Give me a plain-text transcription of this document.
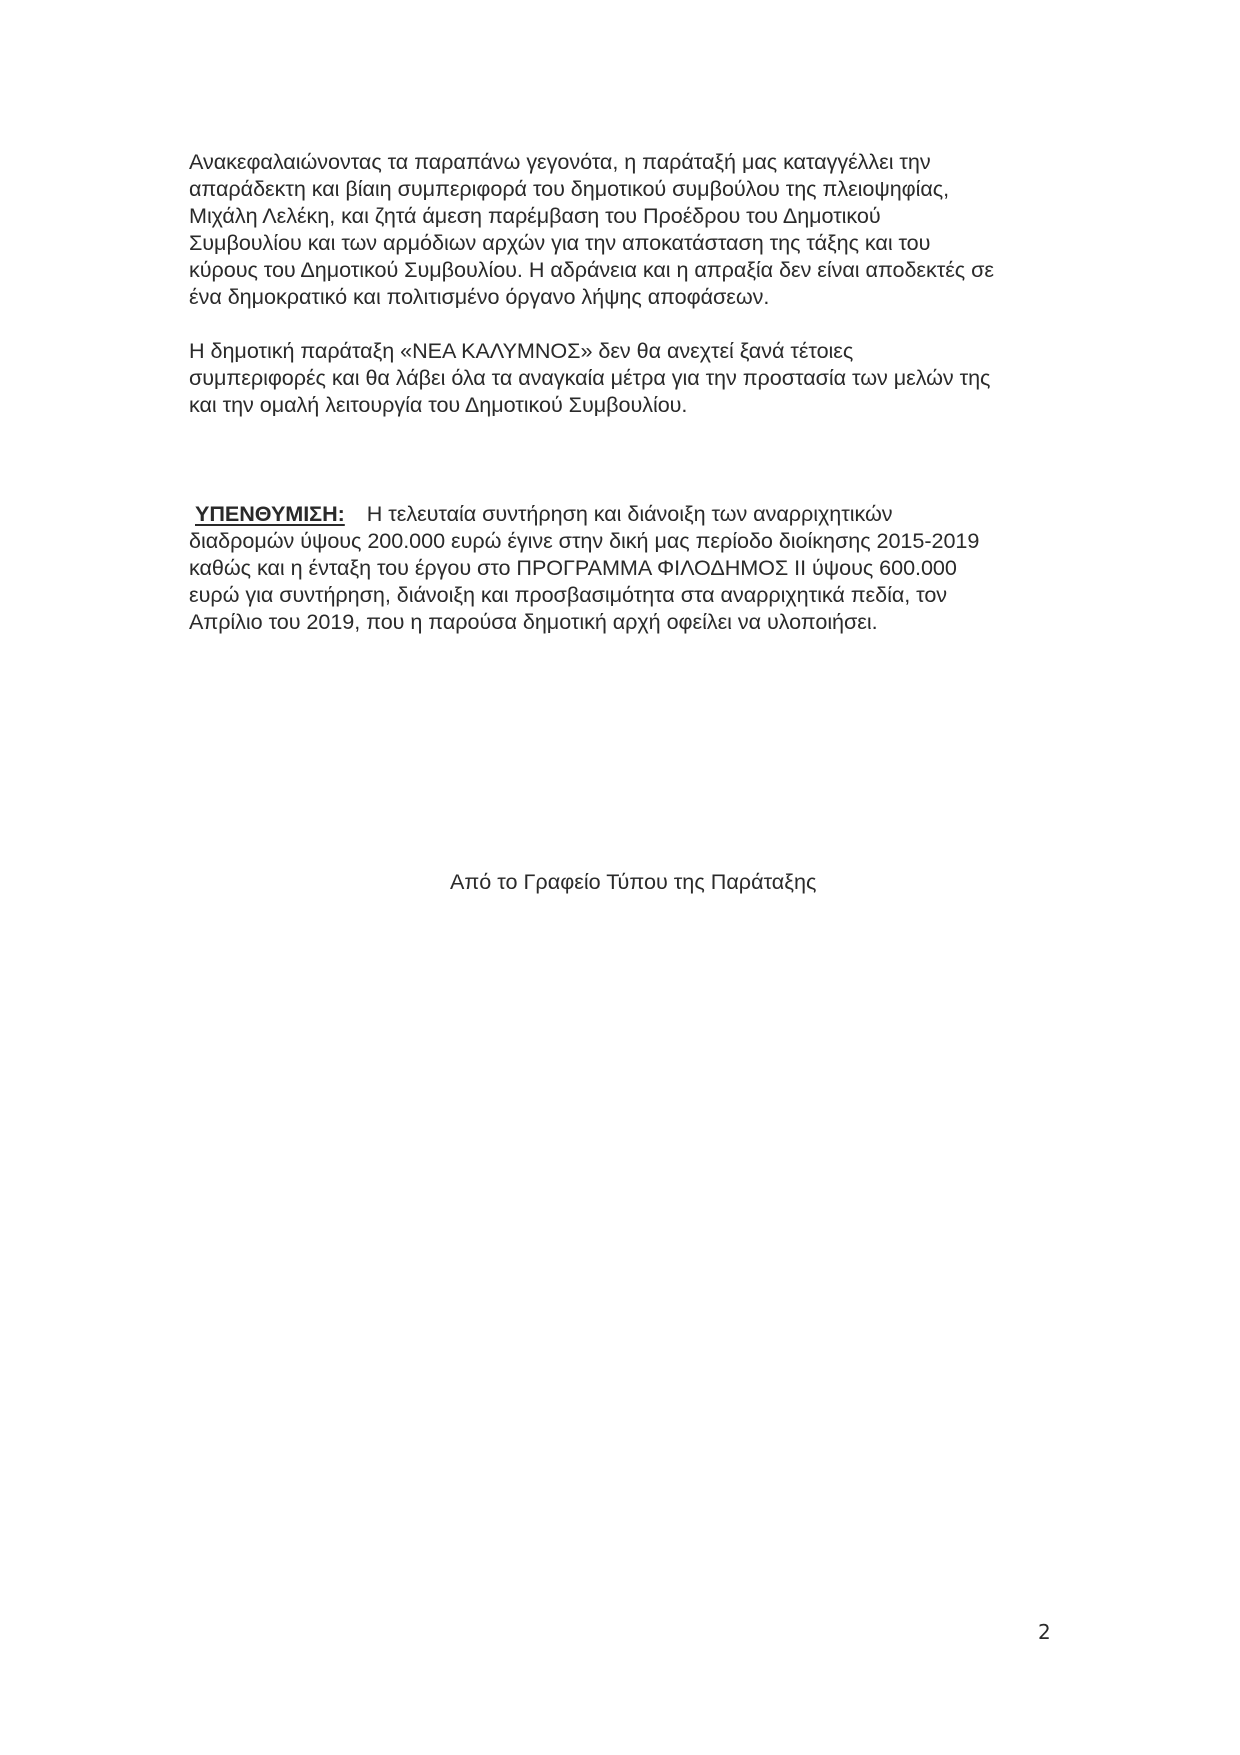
Ανακεφαλαιώνοντας τα παραπάνω γεγονότα, η παράταξή μας καταγγέλλει την
απαράδεκτη και βίαιη συμπεριφορά του δημοτικού συμβούλου της πλειοψηφίας,
Μιχάλη Λελέκη, και ζητά άμεση παρέμβαση του Προέδρου του Δημοτικού
Συμβουλίου και των αρμόδιων αρχών για την αποκατάσταση της τάξης και του
κύρους του Δημοτικού Συμβουλίου. Η αδράνεια και η απραξία δεν είναι αποδεκτές σε
ένα δημοκρατικό και πολιτισμένο όργανο λήψης αποφάσεων.

Η δημοτική παράταξη «ΝΕΑ ΚΑΛΥΜΝΟΣ» δεν θα ανεχτεί ξανά τέτοιες
συμπεριφορές και θα λάβει όλα τα αναγκαία μέτρα για την προστασία των μελών της
και την ομαλή λειτουργία του Δημοτικού Συμβουλίου.

ΥΠΕΝΘΥΜΙΣΗ: Η τελευταία συντήρηση και διάνοιξη των αναρριχητικών
διαδρομών ύψους 200.000 ευρώ έγινε στην δική μας περίοδο διοίκησης 2015-2019
καθώς και η ένταξη του έργου στο ΠΡΟΓΡΑΜΜΑ ΦΙΛΟΔΗΜΟΣ ΙΙ ύψους 600.000
ευρώ για συντήρηση, διάνοιξη και προσβασιμότητα στα αναρριχητικά πεδία, τον
Απρίλιο του 2019, που η παρούσα δημοτική αρχή οφείλει να υλοποιήσει.

Από το Γραφείο Τύπου της Παράταξης
2
